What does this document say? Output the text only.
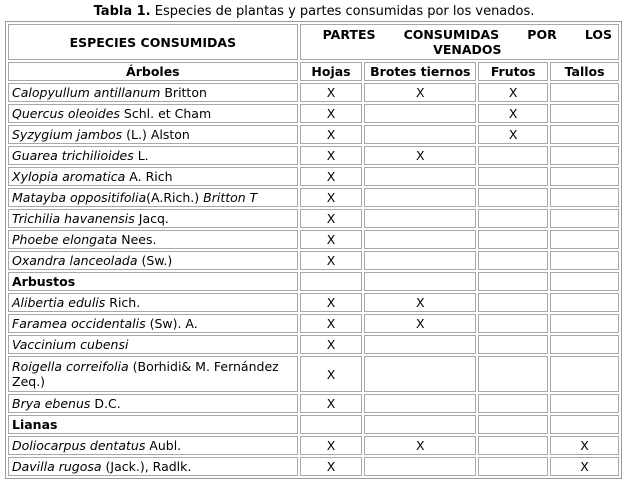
Tabla 1. Especies de plantas y partes consumidas por los venados.
ESPECIES CONSUMIDAS	PARTES CONSUMIDAS POR LOS VENADOS			
Árboles	Hojas	Brotes tiernos	Frutos	Tallos
Calopyullum antillanum Britton	X	X	X	
Quercus oleoides Schl. et Cham	X		X	
Syzygium jambos (L.) Alston	X		X	
Guarea trichilioides L.	X	X		
Xylopia aromatica A. Rich	X			
Matayba oppositifolia(A.Rich.) Britton T	X			
Trichilia havanensis Jacq.	X			
Phoebe elongata Nees.	X			
Oxandra lanceolada (Sw.)	X			
Arbustos				
Alibertia edulis Rich.	X	X		
Faramea occidentalis (Sw). A.	X	X		
Vaccinium cubensi	X			
Roigella correifolia (Borhidi& M. Fernández Zeq.)	X			
Brya ebenus D.C.	X			
Lianas				
Doliocarpus dentatus Aubl.	X	X		X
Davilla rugosa (Jack.), Radlk.	X			X
